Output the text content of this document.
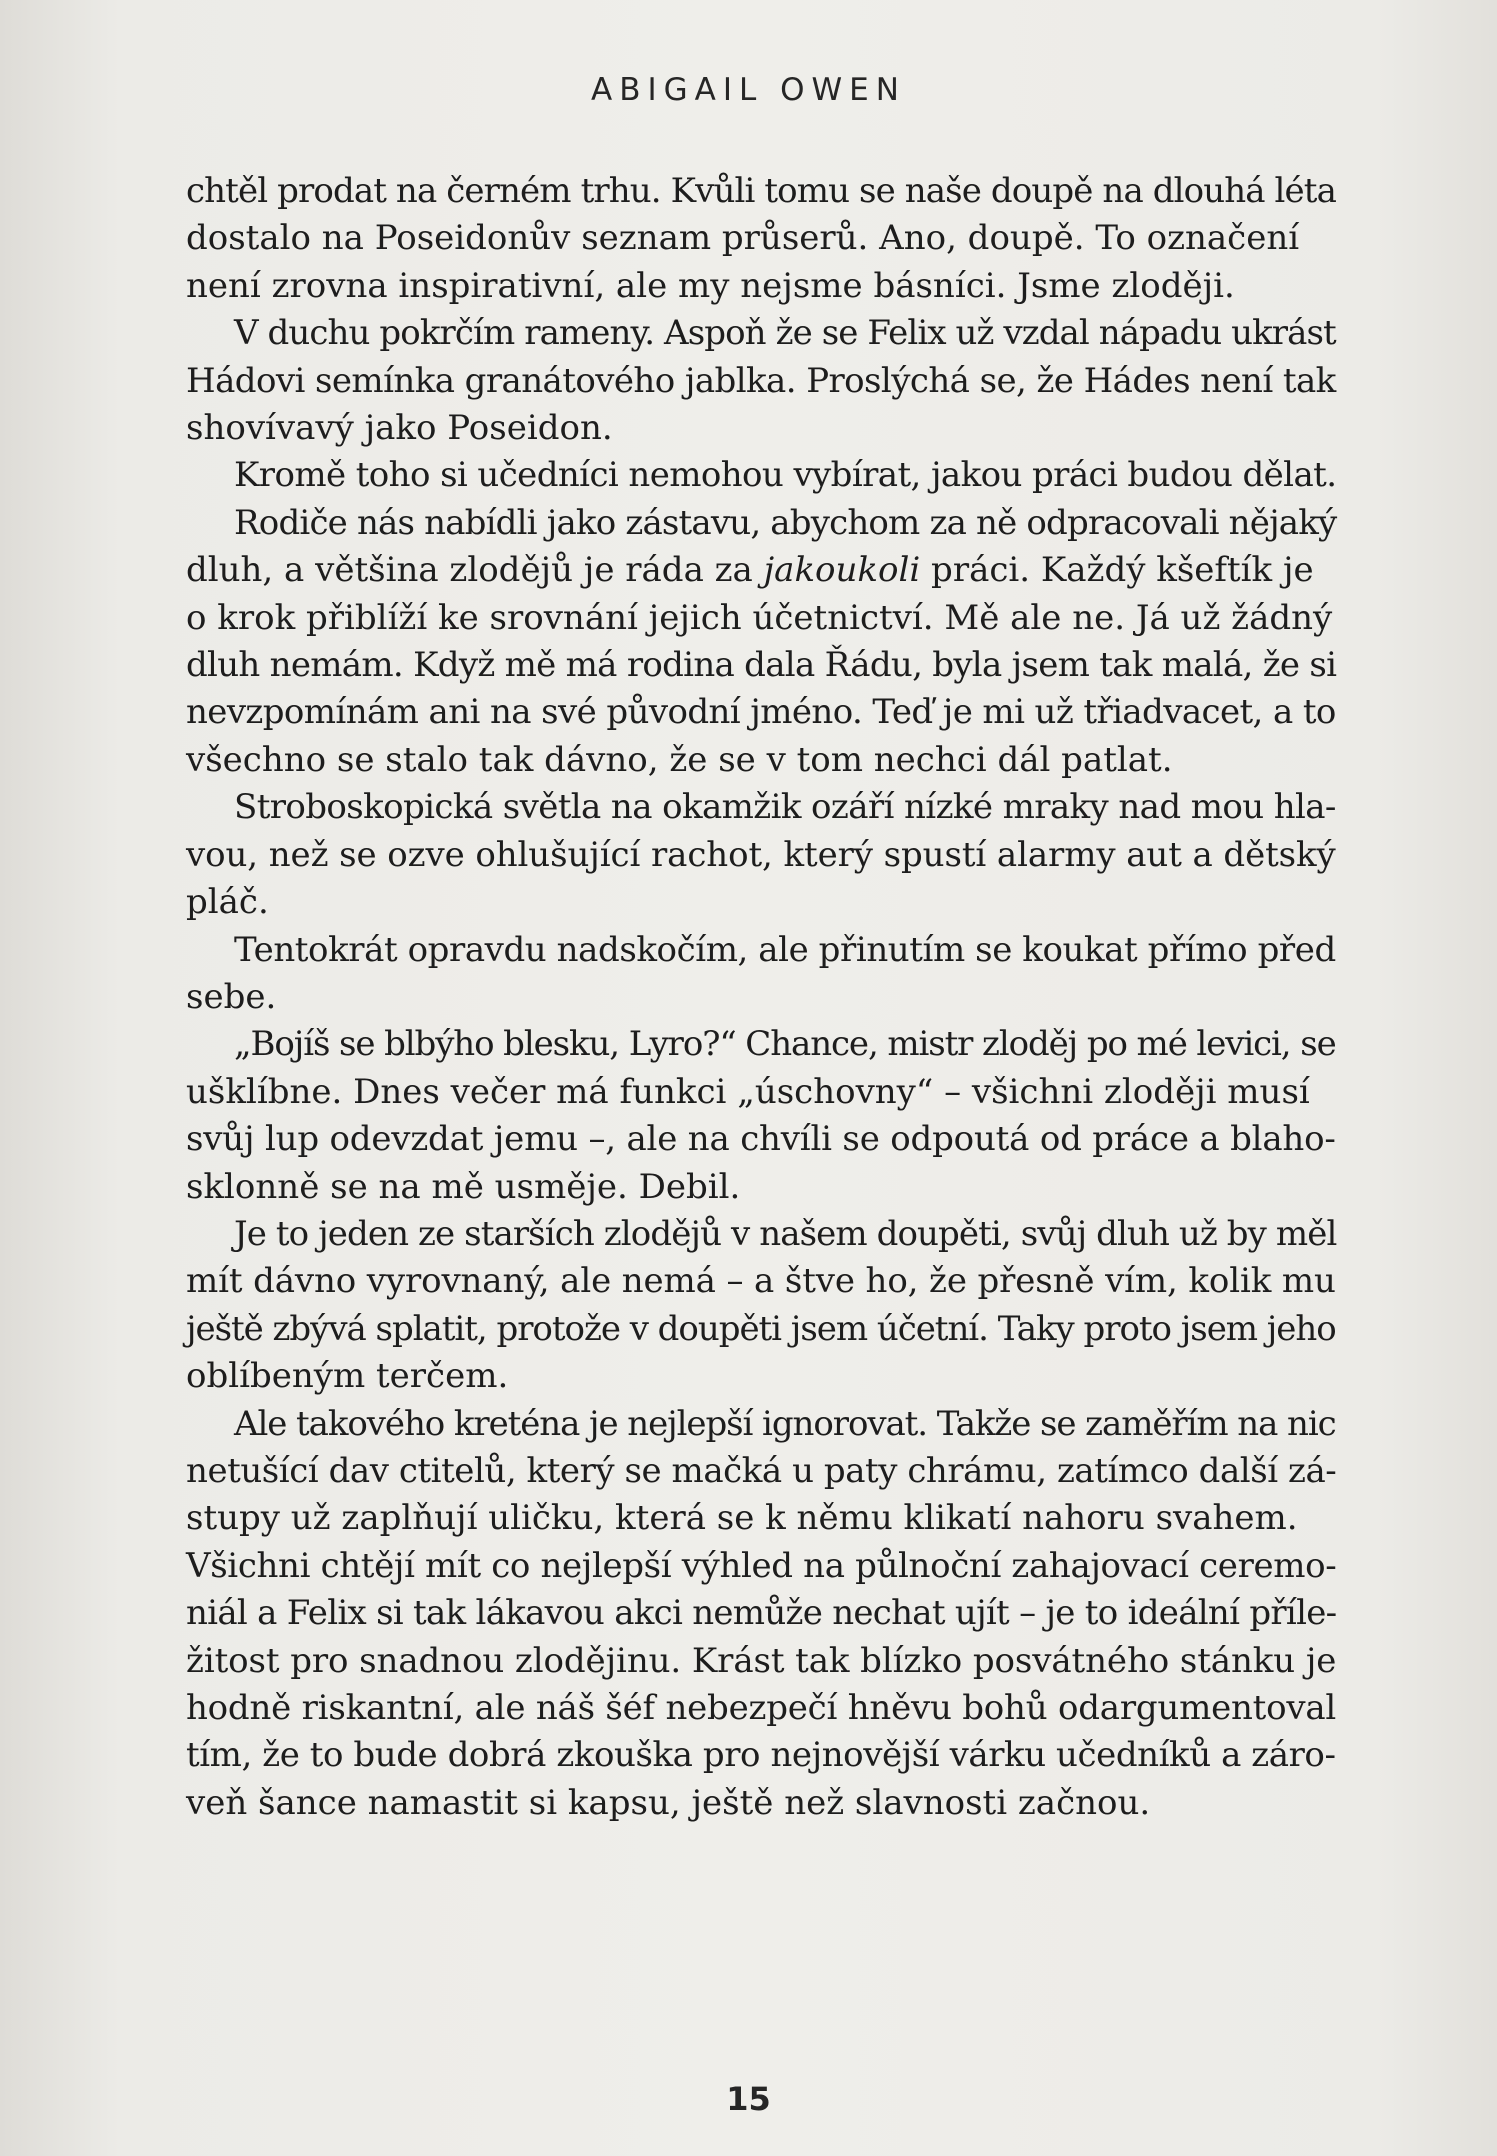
ABIGAIL OWEN
chtěl prodat na černém trhu. Kvůli tomu se naše doupě na dlouhá léta
dostalo na Poseidonův seznam průserů. Ano, doupě. To označení
není zrovna inspirativní, ale my nejsme básníci. Jsme zloději.
V duchu pokrčím rameny. Aspoň že se Felix už vzdal nápadu ukrást
Hádovi semínka granátového jablka. Proslýchá se, že Hádes není tak
shovívavý jako Poseidon.
Kromě toho si učedníci nemohou vybírat, jakou práci budou dělat.
Rodiče nás nabídli jako zástavu, abychom za ně odpracovali nějaký
dluh, a většina zlodějů je ráda za jakoukoli práci. Každý kšeftík je
o krok přiblíží ke srovnání jejich účetnictví. Mě ale ne. Já už žádný
dluh nemám. Když mě má rodina dala Řádu, byla jsem tak malá, že si
nevzpomínám ani na své původní jméno. Teď je mi už třiadvacet, a to
všechno se stalo tak dávno, že se v tom nechci dál patlat.
Stroboskopická světla na okamžik ozáří nízké mraky nad mou hla-
vou, než se ozve ohlušující rachot, který spustí alarmy aut a dětský
pláč.
Tentokrát opravdu nadskočím, ale přinutím se koukat přímo před
sebe.
„Bojíš se blbýho blesku, Lyro?“ Chance, mistr zloděj po mé levici, se
ušklíbne. Dnes večer má funkci „úschovny“ – všichni zloději musí
svůj lup odevzdat jemu –, ale na chvíli se odpoutá od práce a blaho-
sklonně se na mě usměje. Debil.
Je to jeden ze starších zlodějů v našem doupěti, svůj dluh už by měl
mít dávno vyrovnaný, ale nemá – a štve ho, že přesně vím, kolik mu
ještě zbývá splatit, protože v doupěti jsem účetní. Taky proto jsem jeho
oblíbeným terčem.
Ale takového kreténa je nejlepší ignorovat. Takže se zaměřím na nic
netušící dav ctitelů, který se mačká u paty chrámu, zatímco další zá-
stupy už zaplňují uličku, která se k němu klikatí nahoru svahem.
Všichni chtějí mít co nejlepší výhled na půlnoční zahajovací ceremo-
niál a Felix si tak lákavou akci nemůže nechat ujít – je to ideální příle-
žitost pro snadnou zlodějinu. Krást tak blízko posvátného stánku je
hodně riskantní, ale náš šéf nebezpečí hněvu bohů odargumentoval
tím, že to bude dobrá zkouška pro nejnovější várku učedníků a záro-
veň šance namastit si kapsu, ještě než slavnosti začnou.
15
